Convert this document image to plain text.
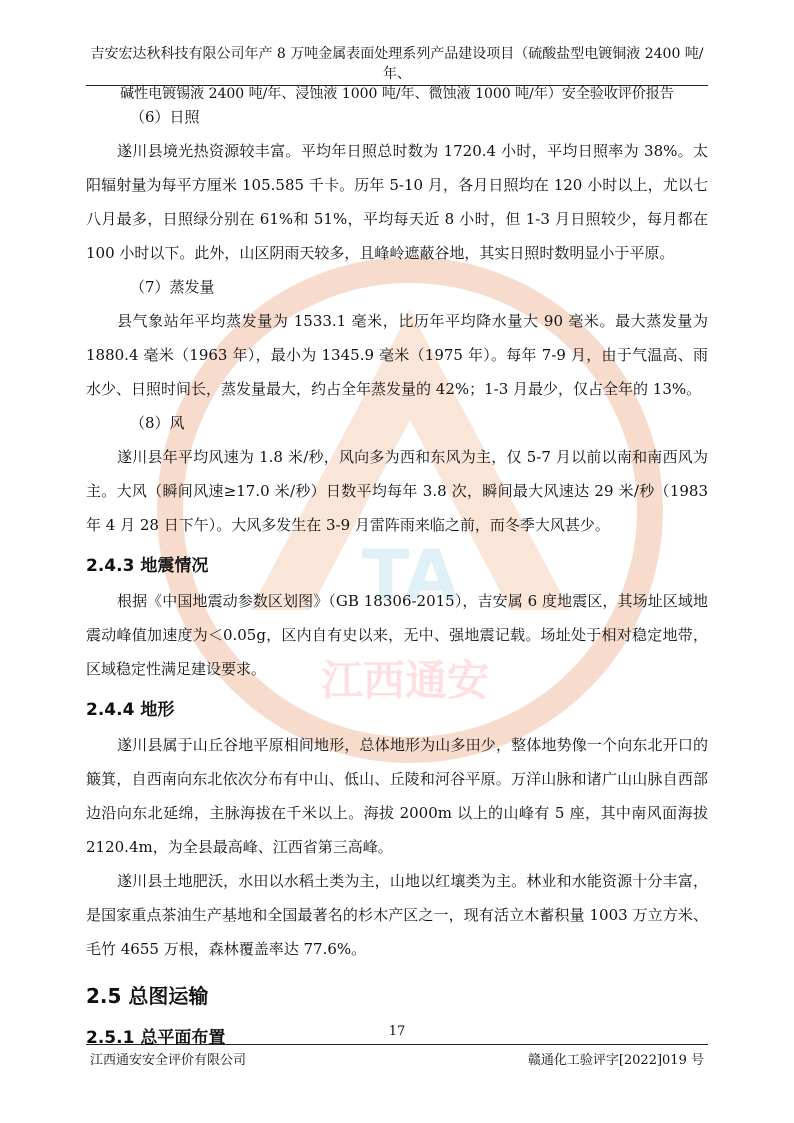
吉安宏达秋科技有限公司年产 8 万吨金属表面处理系列产品建设项目（硫酸盐型电镀铜液 2400 吨/年、
碱性电镀锡液 2400 吨/年、浸蚀液 1000 吨/年、微蚀液 1000 吨/年）安全验收评价报告
TA
江西通安

（6）日照

遂川县境光热资源较丰富。平均年日照总时数为 1720.4 小时，平均日照率为 38%。太阳辐射量为每平方厘米 105.585 千卡。历年 5-10 月，各月日照均在 120 小时以上，尤以七八月最多，日照绿分别在 61%和 51%，平均每天近 8 小时，但 1-3 月日照较少，每月都在 100 小时以下。此外，山区阴雨天较多，且峰岭遮蔽谷地，其实日照时数明显小于平原。

（7）蒸发量

县气象站年平均蒸发量为 1533.1 毫米，比历年平均降水量大 90 毫米。最大蒸发量为 1880.4 毫米（1963 年），最小为 1345.9 毫米（1975 年）。每年 7-9 月，由于气温高、雨水少、日照时间长，蒸发量最大，约占全年蒸发量的 42%；1-3 月最少，仅占全年的 13%。

（8）风

遂川县年平均风速为 1.8 米/秒，风向多为西和东风为主，仅 5-7 月以前以南和南西风为主。大风（瞬间风速≥17.0 米/秒）日数平均每年 3.8 次，瞬间最大风速达 29 米/秒（1983 年 4 月 28 日下午）。大风多发生在 3-9 月雷阵雨来临之前，而冬季大风甚少。

2.4.3 地震情况

根据《中国地震动参数区划图》（GB 18306-2015），吉安属 6 度地震区，其场址区域地震动峰值加速度为＜0.05g，区内自有史以来，无中、强地震记载。场址处于相对稳定地带，区域稳定性满足建设要求。

2.4.4 地形

遂川县属于山丘谷地平原相间地形，总体地形为山多田少，整体地势像一个向东北开口的簸箕，自西南向东北依次分布有中山、低山、丘陵和河谷平原。万洋山脉和诸广山山脉自西部边沿向东北延绵，主脉海拔在千米以上。海拔 2000m 以上的山峰有 5 座，其中南风面海拔 2120.4m，为全县最高峰、江西省第三高峰。

遂川县土地肥沃，水田以水稻土类为主，山地以红壤类为主。林业和水能资源十分丰富，是国家重点茶油生产基地和全国最著名的杉木产区之一，现有活立木蓄积量 1003 万立方米、毛竹 4655 万根，森林覆盖率达 77.6%。

2.5 总图运输
2.5.1 总平面布置	17
江西通安安全评价有限公司	赣通化工验评字[2022]019 号
